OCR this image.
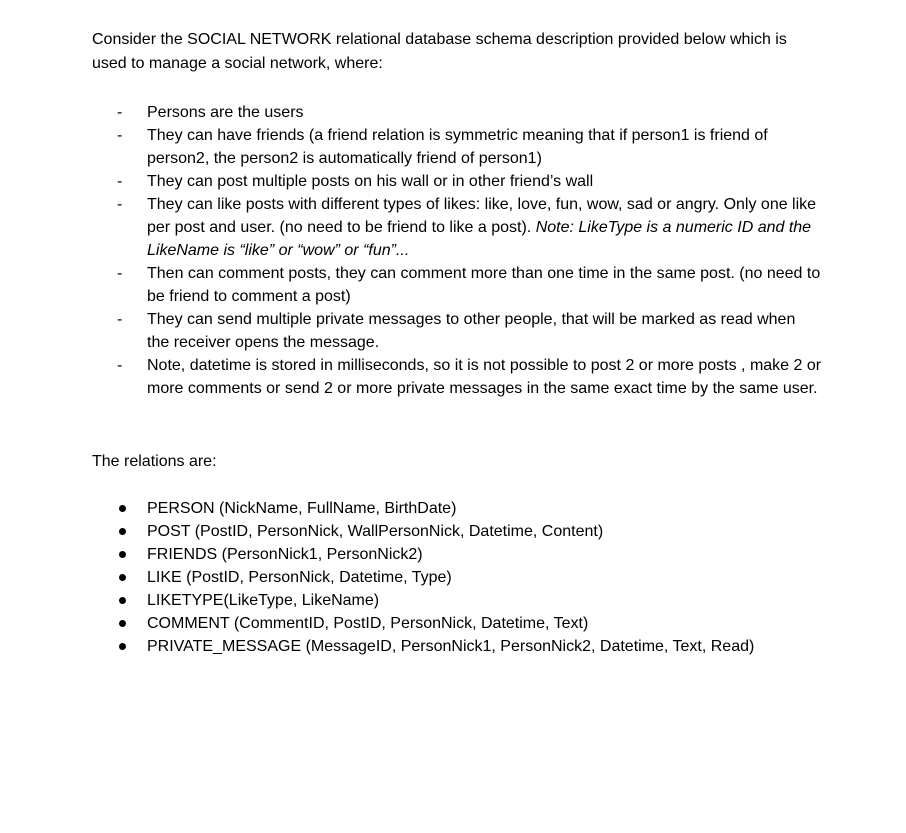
Consider the SOCIAL NETWORK relational database schema description provided below which is used to manage a social network, where:

- Persons are the users
- They can have friends (a friend relation is symmetric meaning that if person1 is friend of person2, the person2 is automatically friend of person1)
- They can post multiple posts on his wall or in other friend’s wall
- They can like posts with different types of likes: like, love, fun, wow, sad or angry. Only one like per post and user. (no need to be friend to like a post). Note: LikeType is a numeric ID and the LikeName is “like” or “wow” or “fun”...
- Then can comment posts, they can comment more than one time in the same post. (no need to be friend to comment a post)
- They can send multiple private messages to other people, that will be marked as read when the receiver opens the message.
- Note, datetime is stored in milliseconds, so it is not possible to post 2 or more posts , make 2 or more comments or send 2 or more private messages in the same exact time by the same user.

The relations are:

PERSON (NickName, FullName, BirthDate)
POST (PostID, PersonNick, WallPersonNick, Datetime, Content)
FRIENDS (PersonNick1, PersonNick2)
LIKE (PostID, PersonNick, Datetime, Type)
LIKETYPE(LikeType, LikeName)
COMMENT (CommentID, PostID, PersonNick, Datetime, Text)
PRIVATE_MESSAGE (MessageID, PersonNick1, PersonNick2, Datetime, Text, Read)
